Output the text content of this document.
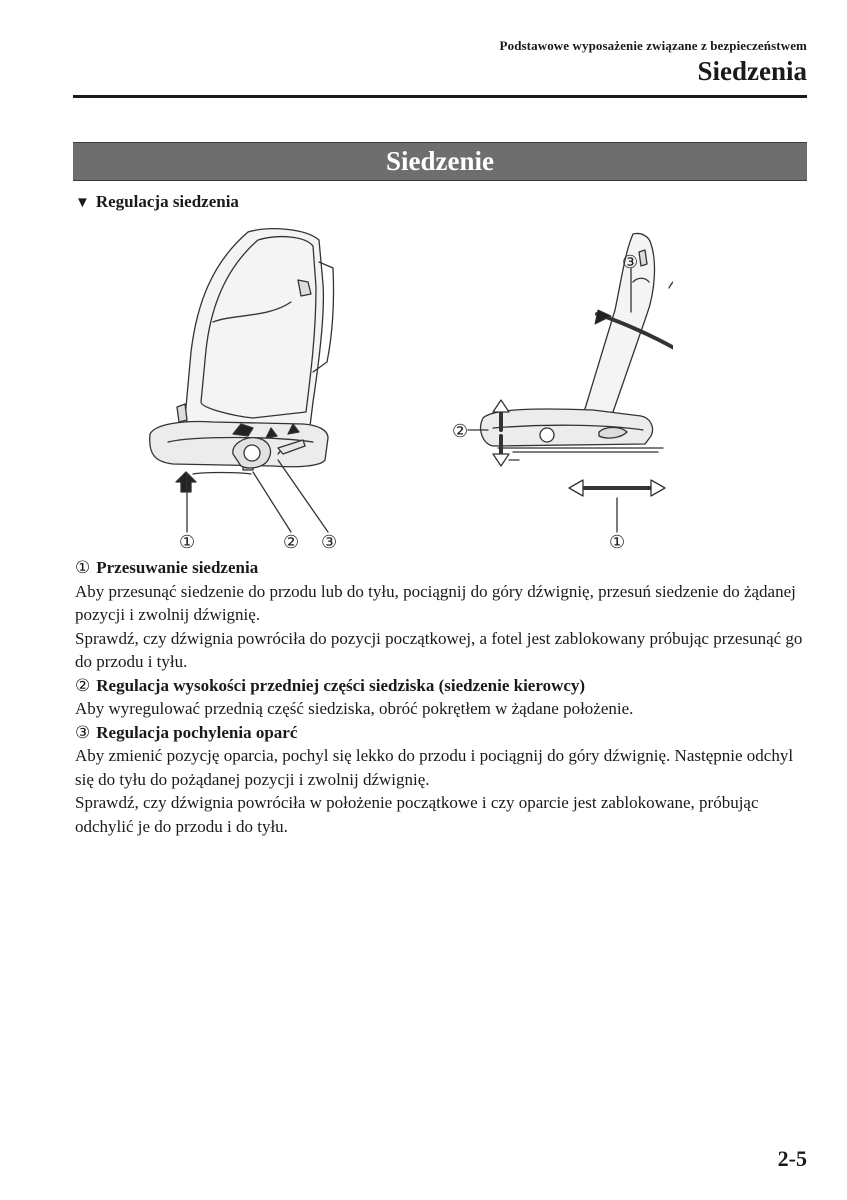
Podstawowe wyposażenie związane z bezpieczeństwem
Siedzenia
Siedzenie
▼ Regulacja siedzenia
①	② ③
③
②
①

① Przesuwanie siedzenia

Aby przesunąć siedzenie do przodu lub do tyłu, pociągnij do góry dźwignię, przesuń siedzenie do żądanej pozycji i zwolnij dźwignię.

Sprawdź, czy dźwignia powróciła do pozycji początkowej, a fotel jest zablokowany próbując przesunąć go do przodu i tyłu.

② Regulacja wysokości przedniej części siedziska (siedzenie kierowcy)

Aby wyregulować przednią część siedziska, obróć pokrętłem w żądane położenie.

③ Regulacja pochylenia oparć

Aby zmienić pozycję oparcia, pochyl się lekko do przodu i pociągnij do góry dźwignię. Następnie odchyl się do tyłu do pożądanej pozycji i zwolnij dźwignię.

Sprawdź, czy dźwignia powróciła w położenie początkowe i czy oparcie jest zablokowane, próbując odchylić je do przodu i do tyłu.

2-5
